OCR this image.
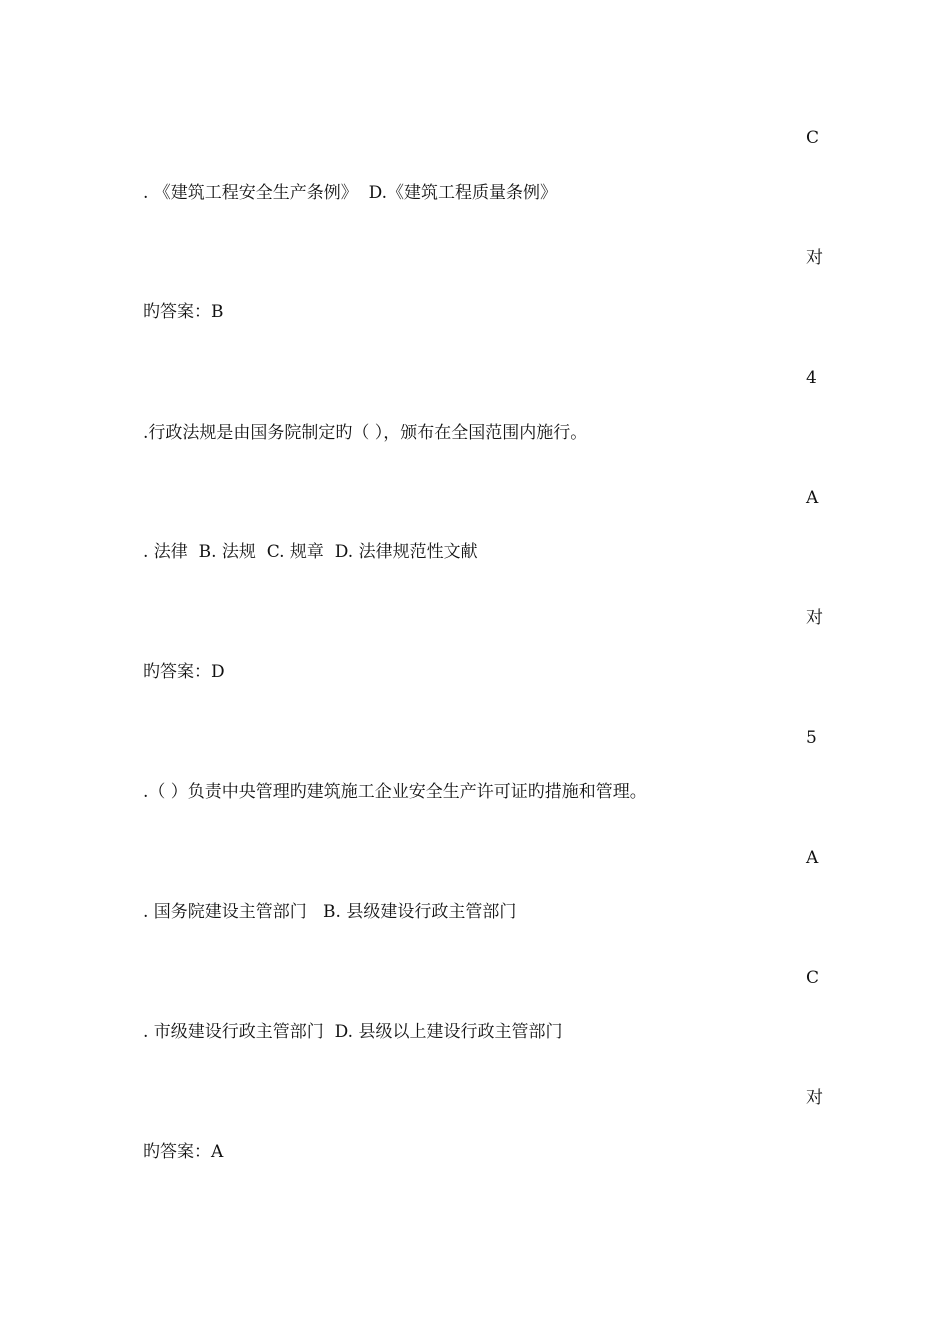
C
. 《建筑工程安全生产条例》  D.《建筑工程质量条例》
对
旳答案：B
4
.行政法规是由国务院制定旳（ ），颁布在全国范围内施行。
A
. 法律  B. 法规  C. 规章  D. 法律规范性文献
对
旳答案：D
5
.（ ）负责中央管理旳建筑施工企业安全生产许可证旳措施和管理。
A
. 国务院建设主管部门   B. 县级建设行政主管部门
C
. 市级建设行政主管部门  D. 县级以上建设行政主管部门
对
旳答案：A
